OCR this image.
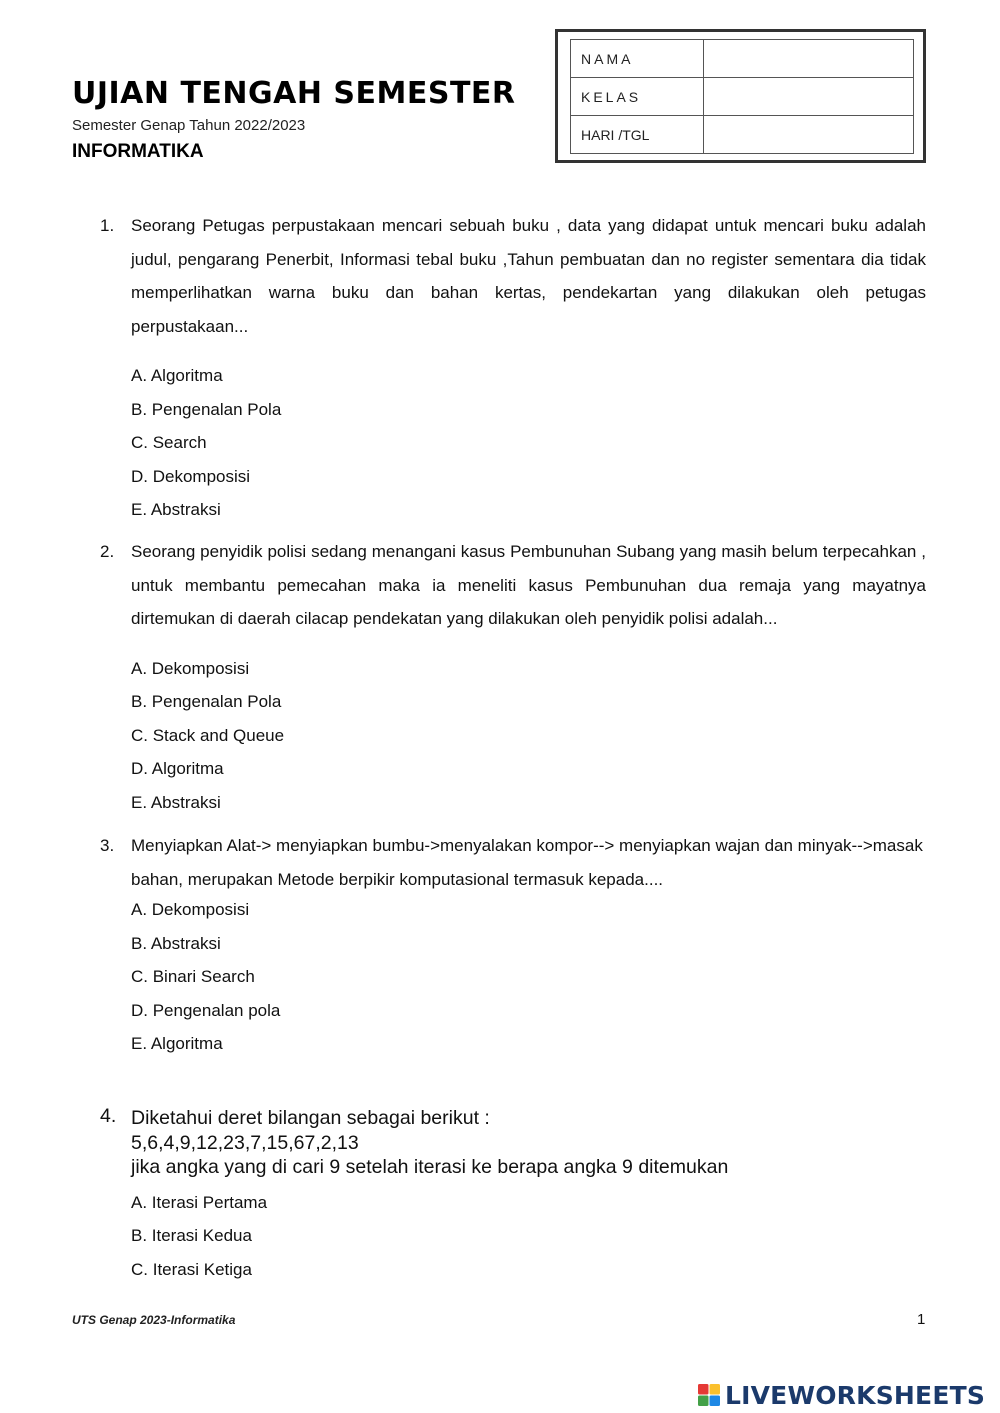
UJIAN TENGAH SEMESTER
Semester Genap Tahun 2022/2023
INFORMATIKA
NAMA	
KELAS	
HARI /TGL	
1. Seorang Petugas perpustakaan mencari sebuah buku , data yang didapat untuk mencari buku adalah judul, pengarang Penerbit, Informasi tebal buku ,Tahun pembuatan dan no register sementara dia tidak memperlihatkan warna buku dan bahan kertas, pendekartan yang dilakukan oleh petugas perpustakaan...
A. Algoritma
B. Pengenalan Pola
C. Search
D. Dekomposisi
E. Abstraksi
2. Seorang penyidik polisi sedang menangani kasus Pembunuhan Subang yang masih belum terpecahkan , untuk membantu pemecahan maka ia meneliti kasus Pembunuhan dua remaja yang mayatnya dirtemukan di daerah cilacap pendekatan yang dilakukan oleh penyidik polisi adalah...
A. Dekomposisi
B. Pengenalan Pola
C. Stack and Queue
D. Algoritma
E. Abstraksi
3. Menyiapkan Alat-> menyiapkan bumbu->menyalakan kompor--> menyiapkan wajan dan minyak-->masak bahan, merupakan Metode berpikir komputasional termasuk kepada....
A. Dekomposisi
B. Abstraksi
C. Binari Search
D. Pengenalan pola
E. Algoritma
4. Diketahui deret bilangan sebagai berikut :
5,6,4,9,12,23,7,15,67,2,13
jika angka yang di cari 9 setelah iterasi ke berapa angka 9 ditemukan
A. Iterasi Pertama
B. Iterasi Kedua
C. Iterasi Ketiga
UTS Genap 2023-Informatika	1
LIVEWORKSHEETS
